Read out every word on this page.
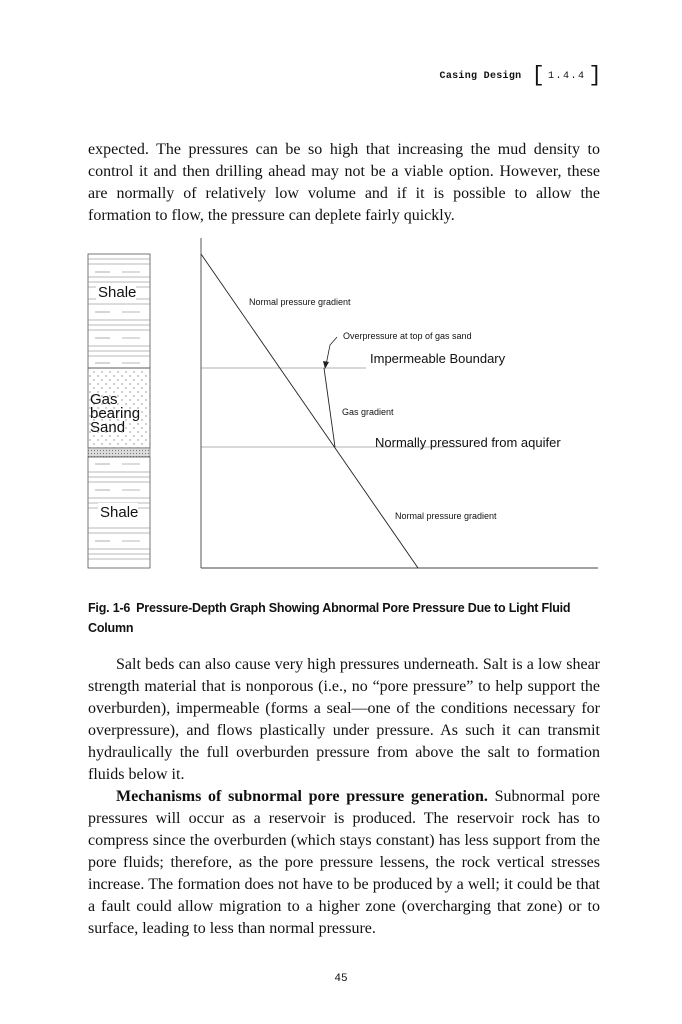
Casing Design [ 1.4.4 ]

expected. The pressures can be so high that increasing the mud density to control it and then drilling ahead may not be a viable option. However, these are normally of relatively low volume and if it is possible to allow the formation to flow, the pressure can deplete fairly quickly.

Shale
Gas
bearing
Sand
Shale
Normal pressure gradient
Overpressure at top of gas sand
Impermeable Boundary
Gas gradient
Normally pressured from aquifer
Normal pressure gradient
Fig. 1-6 Pressure-Depth Graph Showing Abnormal Pore Pressure Due to Light Fluid Column

Salt beds can also cause very high pressures underneath. Salt is a low shear strength material that is nonporous (i.e., no “pore pressure” to help support the overburden), impermeable (forms a seal—one of the conditions necessary for overpressure), and flows plastically under pressure. As such it can transmit hydraulically the full overburden pressure from above the salt to formation fluids below it.

Mechanisms of subnormal pore pressure generation. Subnormal pore pressures will occur as a reservoir is produced. The reservoir rock has to compress since the overburden (which stays constant) has less support from the pore fluids; therefore, as the pore pressure lessens, the rock vertical stresses increase. The formation does not have to be produced by a well; it could be that a fault could allow migration to a higher zone (overcharging that zone) or to surface, leading to less than normal pressure.

45
